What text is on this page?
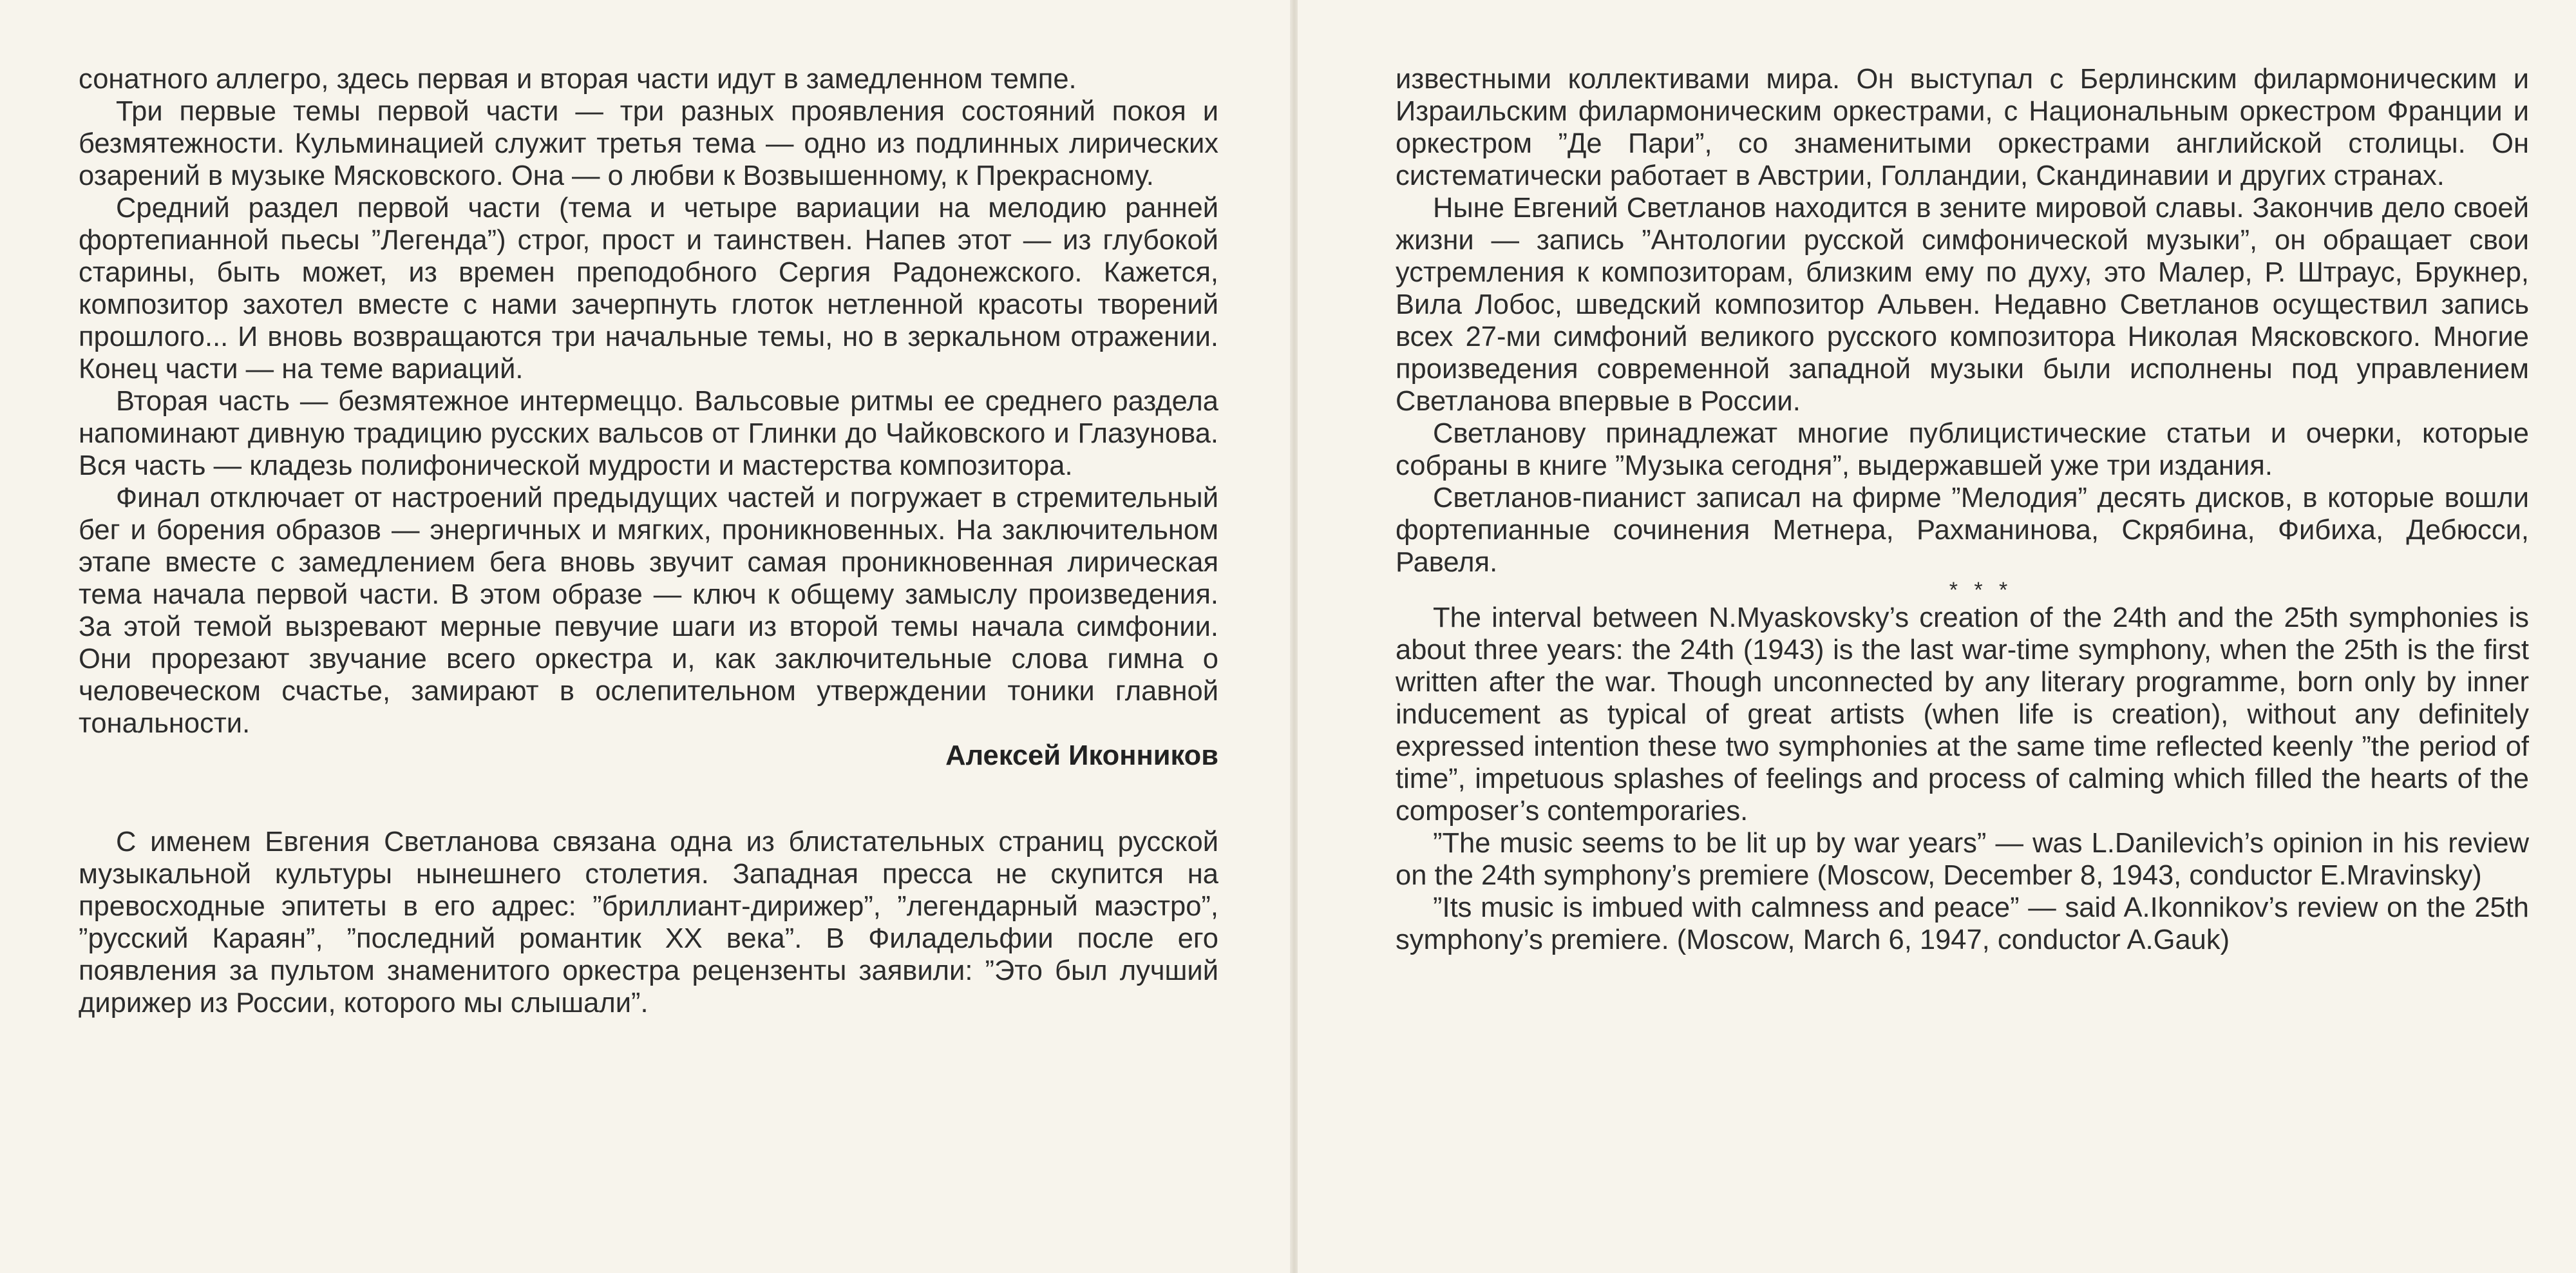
сонатного аллегро, здесь первая и вторая части идут в замедленном темпе.

Три первые темы первой части — три разных проявления состояний покоя и безмятежности. Кульминацией служит третья тема — одно из подлинных лирических озарений в музыке Мясковского. Она — о любви к Возвышенному, к Прекрасному.

Средний раздел первой части (тема и четыре вариации на мелодию ранней фортепианной пьесы ”Легенда”) строг, прост и таинствен. Напев этот — из глубокой старины, быть может, из времен преподобного Сергия Радонежского. Кажется, композитор захотел вместе с нами зачерпнуть глоток нетленной красоты творений прошлого... И вновь возвращаются три начальные темы, но в зеркальном отражении. Конец части — на теме вариаций.

Вторая часть — безмятежное интермеццо. Вальсовые ритмы ее среднего раздела напоминают дивную традицию русских вальсов от Глинки до Чайковского и Глазунова. Вся часть — кладезь полифонической мудрости и мастерства композитора.

Финал отключает от настроений предыдущих частей и погружает в стремительный бег и борения образов — энергичных и мягких, проникновенных. На заключительном этапе вместе с замедлением бега вновь звучит самая проникновенная лирическая тема начала первой части. В этом образе — ключ к общему замыслу произведения. За этой темой вызревают мерные певучие шаги из второй темы начала симфонии. Они прорезают звучание всего оркестра и, как заключительные слова гимна о человеческом счастье, замирают в ослепительном утверждении тоники главной тональности.

Алексей Иконников

С именем Евгения Светланова связана одна из блистательных страниц русской музыкальной культуры нынешнего столетия. Западная пресса не скупится на превосходные эпитеты в его адрес: ”бриллиант-дирижер”, ”легендарный маэстро”, ”русский Караян”, ”последний романтик XX века”. В Филадельфии после его появления за пультом знаменитого оркестра рецензенты заявили: ”Это был лучший дирижер из России, которого мы слышали”.

известными коллективами мира. Он выступал с Берлинским филармоническим и Израильским филармоническим оркестрами, с Национальным оркестром Франции и оркестром ”Де Пари”, со знаменитыми оркестрами английской столицы. Он систематически работает в Австрии, Голландии, Скандинавии и других странах.

Ныне Евгений Светланов находится в зените мировой славы. Закончив дело своей жизни — запись ”Антологии русской симфонической музыки”, он обращает свои устремления к композиторам, близким ему по духу, это Малер, Р. Штраус, Брукнер, Вила Лобос, шведский композитор Альвен. Недавно Светланов осуществил запись всех 27-ми симфоний великого русского композитора Николая Мясковского. Многие произведения современной западной музыки были исполнены под управлением Светланова впервые в России.

Светланову принадлежат многие публицистические статьи и очерки, которые собраны в книге ”Музыка сегодня”, выдержавшей уже три издания.

Светланов-пианист записал на фирме ”Мелодия” десять дисков, в которые вошли фортепианные сочинения Метнера, Рахманинова, Скрябина, Фибиха, Дебюсси, Равеля.

* * *

The interval between N.Myaskovsky’s creation of the 24th and the 25th symphonies is about three years: the 24th (1943) is the last war-time symphony, when the 25th is the first written after the war. Though unconnected by any literary programme, born only by inner inducement as typical of great artists (when life is creation), without any definitely expressed intention these two symphonies at the same time reflected keenly ”the period of time”, impetuous splashes of feelings and process of calming which filled the hearts of the composer’s contemporaries.

”The music seems to be lit up by war years” — was L.Danilevich’s opinion in his review on the 24th symphony’s premiere (Moscow, December 8, 1943, conductor E.Mravinsky)

”Its music is imbued with calmness and peace” — said A.Ikonnikov’s review on the 25th symphony’s premiere. (Moscow, March 6, 1947, conductor A.Gauk)
